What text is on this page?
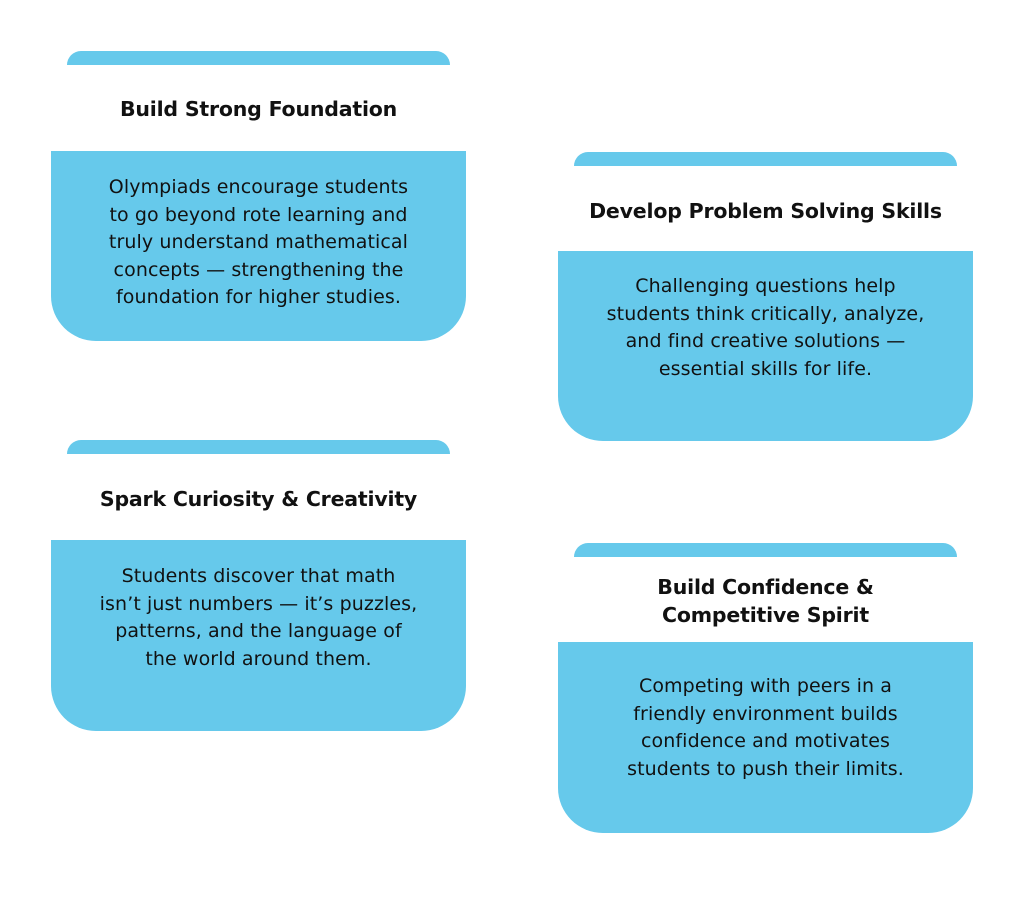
Build Strong Foundation
Olympiads encourage students
to go beyond rote learning and
truly understand mathematical
concepts — strengthening the
foundation for higher studies.
Develop Problem Solving Skills
Challenging questions help
students think critically, analyze,
and find creative solutions —
essential skills for life.
Spark Curiosity & Creativity
Students discover that math
isn’t just numbers — it’s puzzles,
patterns, and the language of
the world around them.
Build Confidence &
Competitive Spirit
Competing with peers in a
friendly environment builds
confidence and motivates
students to push their limits.
